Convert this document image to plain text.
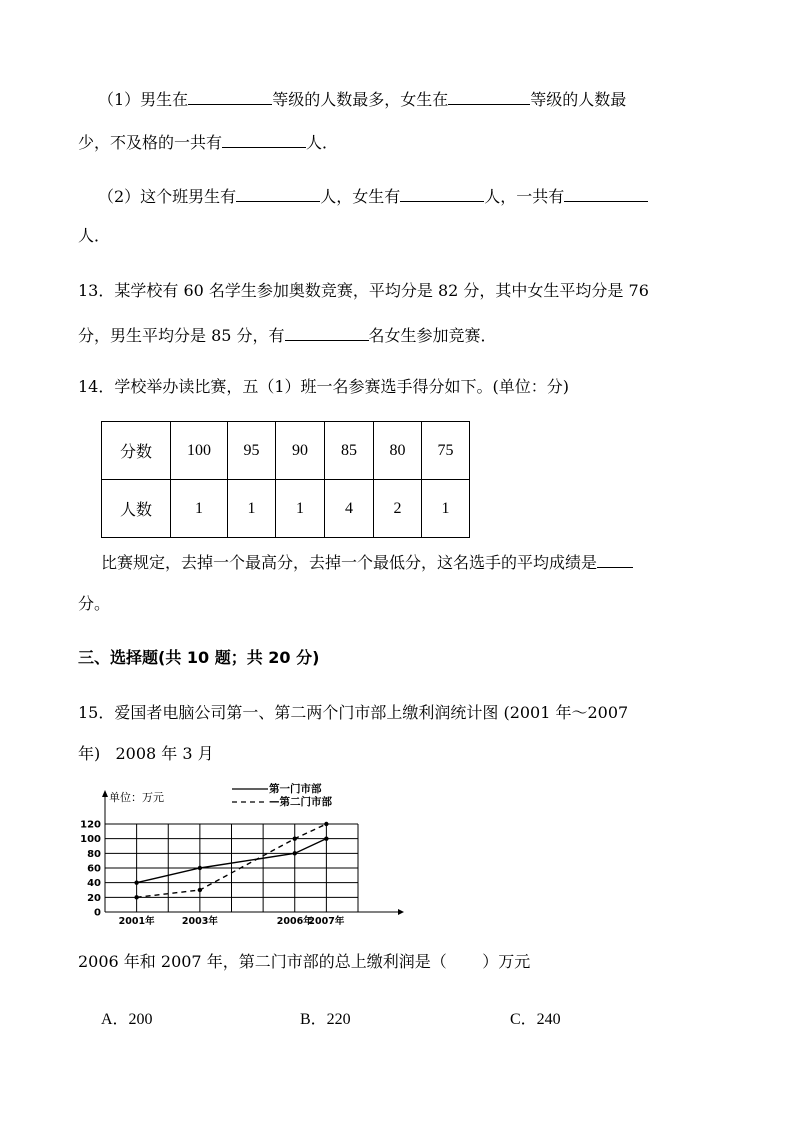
（1）男生在	等级的人数最多，女生在	等级的人数最
少，不及格的一共有	人．
（2）这个班男生有	人，女生有	人，一共有
人．
13．某学校有 60 名学生参加奥数竞赛，平均分是 82 分，其中女生平均分是 76
分，男生平均分是 85 分，有	名女生参加竞赛．
14．学校举办读比赛，五（1）班一名参赛选手得分如下。(单位：分)
分数	100	95	90	85	80	75
人数	1	1	1	4	2	1
比赛规定，去掉一个最高分，去掉一个最低分，这名选手的平均成绩是
分。
三、选择题(共 10 题；共 20 分)
15．爱国者电脑公司第一、第二两个门市部上缴利润统计图 (2001 年～2007
年)   2008 年 3 月
0
20
40
60
80
100
120
单位：万元
第一门市部
—第二门市部
2001年	2003年	2006年
2007年
2006 年和 2007 年，第二门市部的总上缴利润是（       ）万元
A．200	B．220	C．240
